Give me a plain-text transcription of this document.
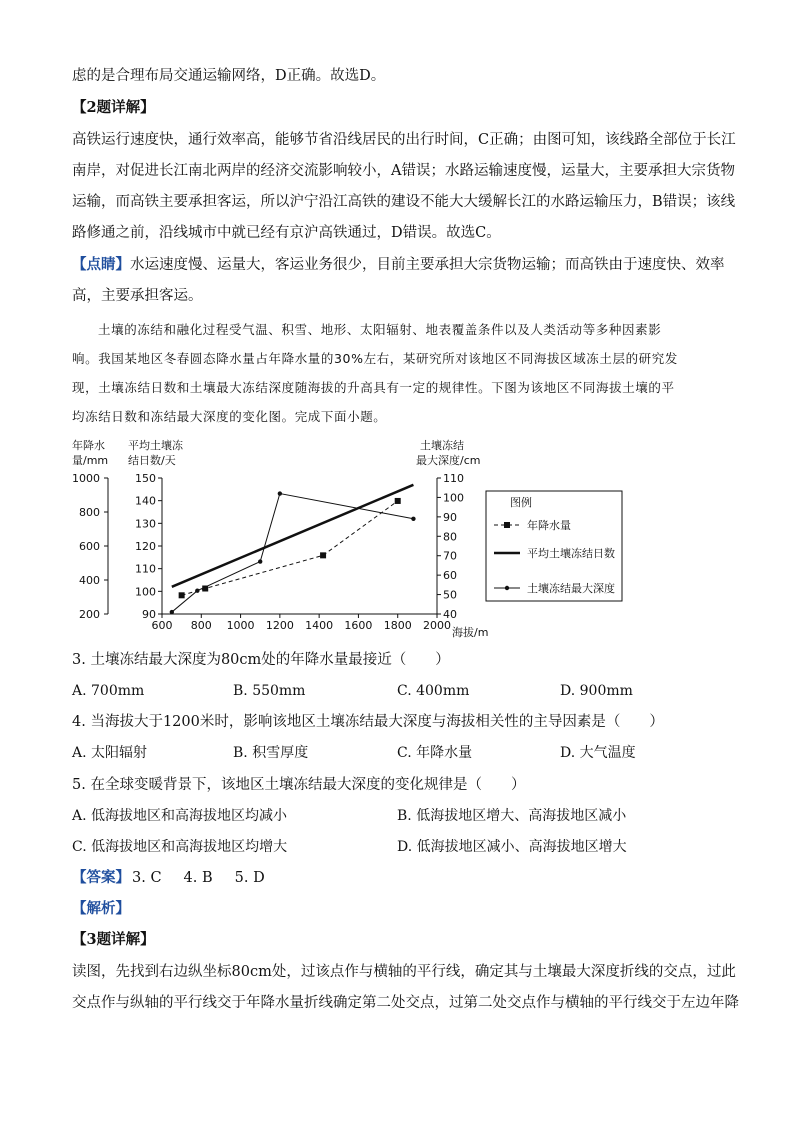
虑的是合理布局交通运输网络，D正确。故选D。
【2题详解】
高铁运行速度快，通行效率高，能够节省沿线居民的出行时间，C正确；由图可知，该线路全部位于长江
南岸，对促进长江南北两岸的经济交流影响较小，A错误；水路运输速度慢，运量大，主要承担大宗货物
运输，而高铁主要承担客运，所以沪宁沿江高铁的建设不能大大缓解长江的水路运输压力，B错误；该线
路修通之前，沿线城市中就已经有京沪高铁通过，D错误。故选C。
【点睛】水运速度慢、运量大，客运业务很少，目前主要承担大宗货物运输；而高铁由于速度快、效率
高，主要承担客运。
土壤的冻结和融化过程受气温、积雪、地形、太阳辐射、地表覆盖条件以及人类活动等多种因素影
响。我国某地区冬春圆态降水量占年降水量的30%左右，某研究所对该地区不同海拔区域冻土层的研究发
现，土壤冻结日数和土壤最大冻结深度随海拔的升高具有一定的规律性。下图为该地区不同海拔土壤的平
均冻结日数和冻结最大深度的变化图。完成下面小题。
年降水
量/mm
平均土壤冻
结日数/天
土壤冻结
最大深度/cm
200
400
600
800
1000
90
100
110
120
130
140
150
40
50
60
70
80
90
100
110
600 800 1000 1200 1400 1600 1800 2000
海拔/m
图例
年降水量
平均土壤冻结日数
土壤冻结最大深度
3. 土壤冻结最大深度为80cm处的年降水量最接近（　　）
A. 700mm	B. 550mm	C. 400mm	D. 900mm
4. 当海拔大于1200米时，影响该地区土壤冻结最大深度与海拔相关性的主导因素是（　　）
A. 太阳辐射	B. 积雪厚度	C. 年降水量	D. 大气温度
5. 在全球变暖背景下，该地区土壤冻结最大深度的变化规律是（　　）
A. 低海拔地区和高海拔地区均减小	B. 低海拔地区增大、高海拔地区减小
C. 低海拔地区和高海拔地区均增大	D. 低海拔地区减小、高海拔地区增大
【答案】 3. C 4. B 5. D
【解析】
【3题详解】
读图，先找到右边纵坐标80cm处，过该点作与横轴的平行线，确定其与土壤最大深度折线的交点，过此
交点作与纵轴的平行线交于年降水量折线确定第二处交点，过第二处交点作与横轴的平行线交于左边年降
